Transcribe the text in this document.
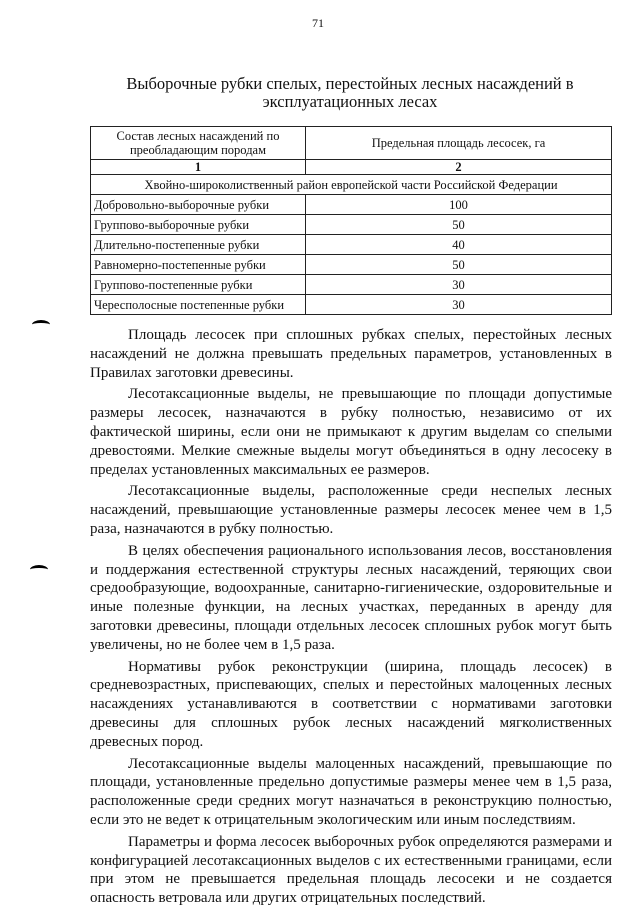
71
Выборочные рубки спелых, перестойных лесных насаждений в эксплуатационных лесах
Состав лесных насаждений по преобладающим породам	Предельная площадь лесосек, га
1	2
Хвойно-широколиственный район европейской части Российской Федерации	
Добровольно-выборочные рубки	100
Группово-выборочные рубки	50
Длительно-постепенные рубки	40
Равномерно-постепенные рубки	50
Группово-постепенные рубки	30
Чересполосные постепенные рубки	30

Площадь лесосек при сплошных рубках спелых, перестойных лесных насаждений не должна превышать предельных параметров, установленных в Правилах заготовки древесины.

Лесотаксационные выделы, не превышающие по площади допустимые размеры лесосек, назначаются в рубку полностью, независимо от их фактической ширины, если они не примыкают к другим выделам со спелыми древостоями. Мелкие смежные выделы могут объединяться в одну лесосеку в пределах установленных максимальных ее размеров.

Лесотаксационные выделы, расположенные среди неспелых лесных насаждений, превышающие установленные размеры лесосек менее чем в 1,5 раза, назначаются в рубку полностью.

В целях обеспечения рационального использования лесов, восстановления и поддержания естественной структуры лесных насаждений, теряющих свои средообразующие, водоохранные, санитарно-гигиенические, оздоровительные и иные полезные функции, на лесных участках, переданных в аренду для заготовки древесины, площади отдельных лесосек сплошных рубок могут быть увеличены, но не более чем в 1,5 раза.

Нормативы рубок реконструкции (ширина, площадь лесосек) в средневозрастных, приспевающих, спелых и перестойных малоценных лесных насаждениях устанавливаются в соответствии с нормативами заготовки древесины для сплошных рубок лесных насаждений мягколиственных древесных пород.

Лесотаксационные выделы малоценных насаждений, превышающие по площади, установленные предельно допустимые размеры менее чем в 1,5 раза, расположенные среди средних могут назначаться в реконструкцию полностью, если это не ведет к отрицательным экологическим или иным последствиям.

Параметры и форма лесосек выборочных рубок определяются размерами и конфигурацией лесотаксационных выделов с их естественными границами, если при этом не превышается предельная площадь лесосеки и не создается опасность ветровала или других отрицательных последствий.
